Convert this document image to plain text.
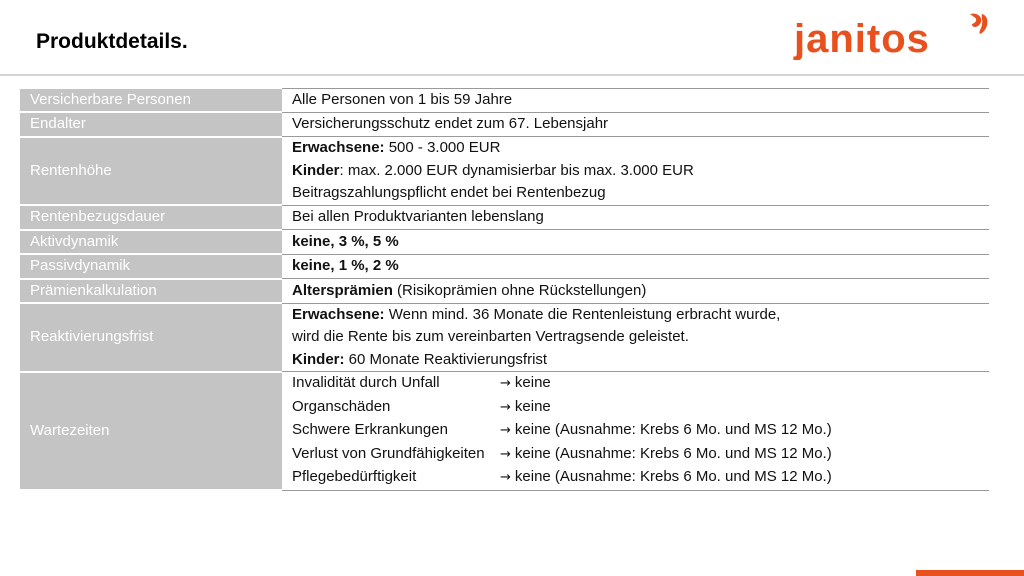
Produktdetails.	janitos
Versicherbare Personen	Alle Personen von 1 bis 59 Jahre

Endalter	Versicherungsschutz endet zum 67. Lebensjahr

Rentenhöhe	Erwachsene: 500 - 3.000 EUR
Kinder: max. 2.000 EUR dynamisierbar bis max. 3.000 EUR
Beitragszahlungspflicht endet bei Rentenbezug

Rentenbezugsdauer	Bei allen Produktvarianten lebenslang

Aktivdynamik	keine, 3 %, 5 %

Passivdynamik	keine, 1 %, 2 %

Prämienkalkulation	Altersprämien (Risikoprämien ohne Rückstellungen)

Reaktivierungsfrist	Erwachsene: Wenn mind. 36 Monate die Rentenleistung erbracht wurde,
wird die Rente bis zum vereinbarten Vertragsende geleistet.
Kinder: 60 Monate Reaktivierungsfrist

Wartezeiten	Invalidität durch Unfall → keine
Organschäden → keine
Schwere Erkrankungen → keine (Ausnahme: Krebs 6 Mo. und MS 12 Mo.)
Verlust von Grundfähigkeiten → keine (Ausnahme: Krebs 6 Mo. und MS 12 Mo.)
Pflegebedürftigkeit → keine (Ausnahme: Krebs 6 Mo. und MS 12 Mo.)
